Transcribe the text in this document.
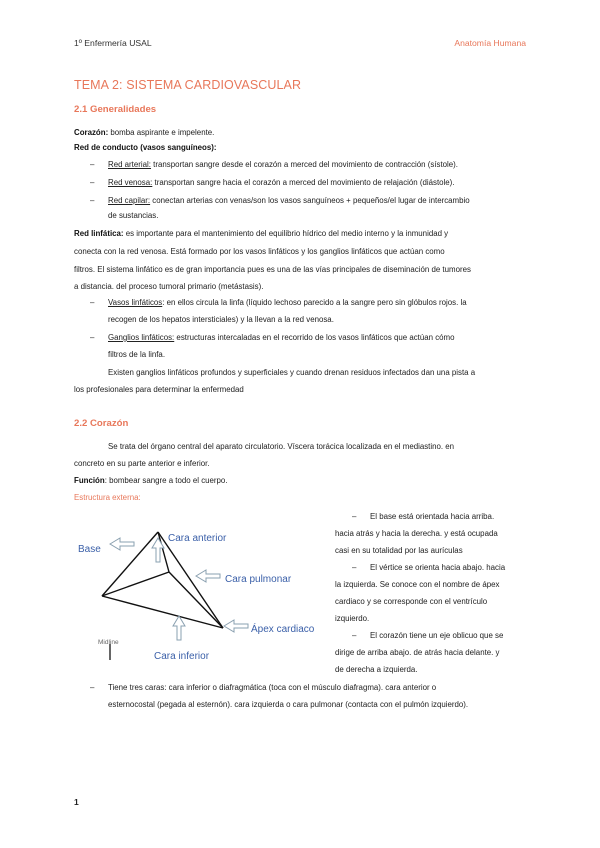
1º Enfermería USAL	Anatomía Humana
TEMA 2: SISTEMA CARDIOVASCULAR
2.1 Generalidades
Corazón: bomba aspirante e impelente.
Red de conducto (vasos sanguíneos):
– Red arterial: transportan sangre desde el corazón a merced del movimiento de contracción (sístole).
– Red venosa: transportan sangre hacia el corazón a merced del movimiento de relajación (diástole).
– Red capilar: conectan arterias con venas/son los vasos sanguíneos + pequeños/el lugar de intercambio
de sustancias.
Red linfática: es importante para el mantenimiento del equilibrio hídrico del medio interno y la inmunidad y
conecta con la red venosa. Está formado por los vasos linfáticos y los ganglios linfáticos que actúan como
filtros. El sistema linfático es de gran importancia pues es una de las vías principales de diseminación de tumores
a distancia. del proceso tumoral primario (metástasis).
– Vasos linfáticos: en ellos circula la linfa (líquido lechoso parecido a la sangre pero sin glóbulos rojos. la
recogen de los hepatos intersticiales) y la llevan a la red venosa.
– Ganglios linfáticos: estructuras intercaladas en el recorrido de los vasos linfáticos que actúan cómo
filtros de la linfa.
Existen ganglios linfáticos profundos y superficiales y cuando drenan residuos infectados dan una pista a
los profesionales para determinar la enfermedad
2.2 Corazón
Se trata del órgano central del aparato circulatorio. Víscera torácica localizada en el mediastino. en
concreto en su parte anterior e inferior.
Función: bombear sangre a todo el cuerpo.
Estructura externa:
Midline
Base
Cara anterior
Cara pulmonar
Ápex cardiaco
Cara inferior
– El base está orientada hacia arriba.
hacia atrás y hacia la derecha. y está ocupada
casi en su totalidad por las aurículas
– El vértice se orienta hacia abajo. hacia
la izquierda. Se conoce con el nombre de ápex
cardiaco y se corresponde con el ventrículo
izquierdo.
– El corazón tiene un eje oblicuo que se
dirige de arriba abajo. de atrás hacia delante. y
de derecha a izquierda.
– Tiene tres caras: cara inferior o diafragmática (toca con el músculo diafragma). cara anterior o
esternocostal (pegada al esternón). cara izquierda o cara pulmonar (contacta con el pulmón izquierdo).
1
